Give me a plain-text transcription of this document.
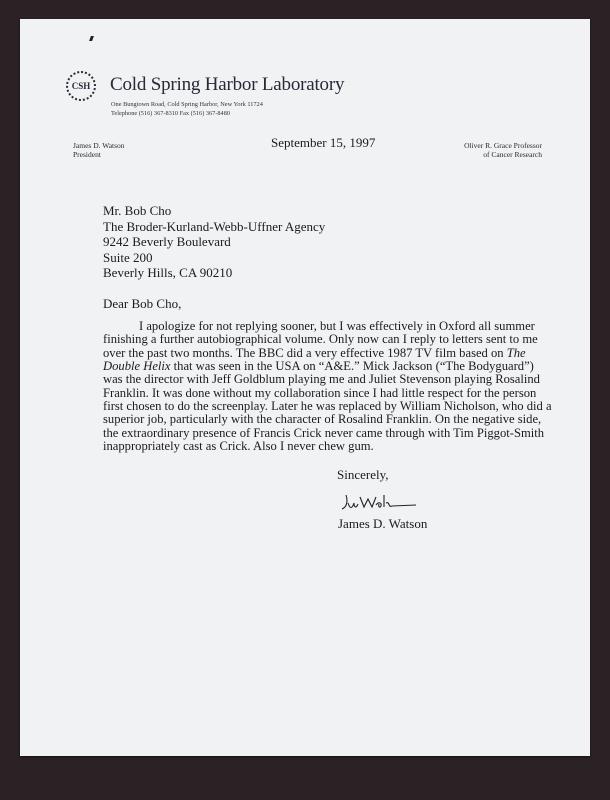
CSH Cold Spring Harbor Laboratory
One Bungtown Road, Cold Spring Harbor, New York 11724
Telephone (516) 367-8310 Fax (516) 367-8480
James D. Watson
President
September 15, 1997	Oliver R. Grace Professor
of Cancer Research
Mr. Bob Cho
The Broder-Kurland-Webb-Uffner Agency
9242 Beverly Boulevard
Suite 200
Beverly Hills, CA 90210
Dear Bob Cho,
I apologize for not replying sooner, but I was effectively in Oxford all summer
finishing a further autobiographical volume. Only now can I reply to letters sent to me
over the past two months. The BBC did a very effective 1987 TV film based on The
Double Helix that was seen in the USA on “A&E.” Mick Jackson (“The Bodyguard”)
was the director with Jeff Goldblum playing me and Juliet Stevenson playing Rosalind
Franklin. It was done without my collaboration since I had little respect for the person
first chosen to do the screenplay. Later he was replaced by William Nicholson, who did a
superior job, particularly with the character of Rosalind Franklin. On the negative side,
the extraordinary presence of Francis Crick never came through with Tim Piggot-Smith
inappropriately cast as Crick. Also I never chew gum.
Sincerely,
James D. Watson
